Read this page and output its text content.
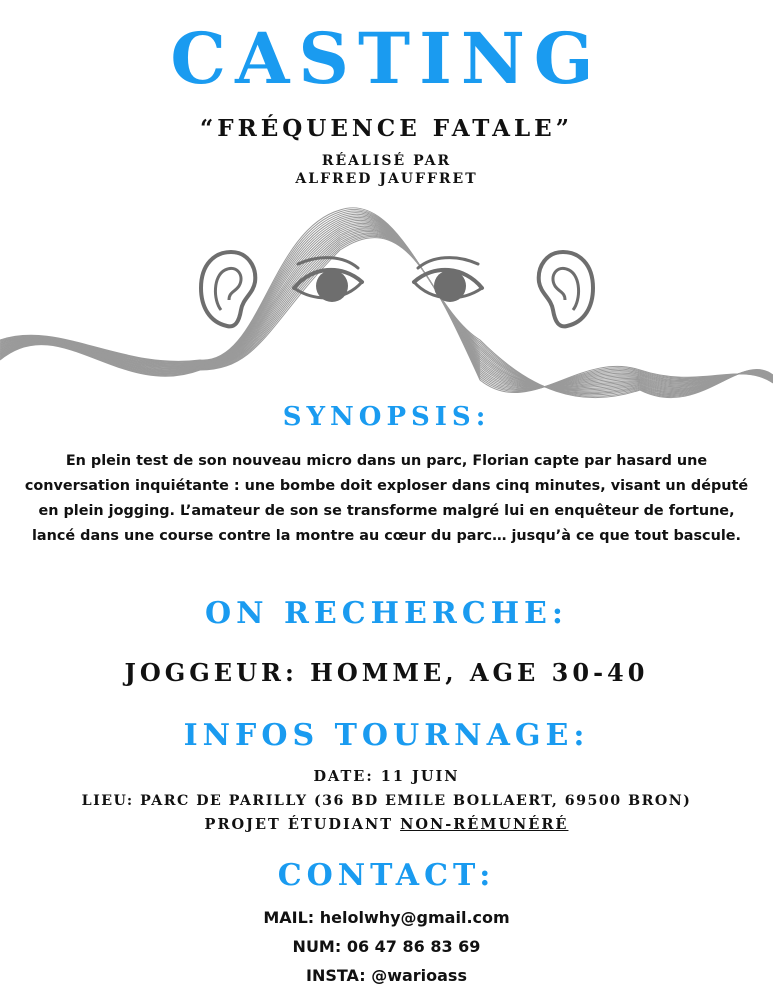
CASTING
“FRÉQUENCE FATALE”
RÉALISÉ PAR
ALFRED JAUFFRET
SYNOPSIS:

En plein test de son nouveau micro dans un parc, Florian capte par hasard une conversation inquiétante : une bombe doit exploser dans cinq minutes, visant un député en plein jogging. L’amateur de son se transforme malgré lui en enquêteur de fortune, lancé dans une course contre la montre au cœur du parc… jusqu’à ce que tout bascule.

ON RECHERCHE:
JOGGEUR: HOMME, AGE 30-40
INFOS TOURNAGE:
DATE: 11 JUIN
LIEU: PARC DE PARILLY (36 BD EMILE BOLLAERT, 69500 BRON)
PROJET ÉTUDIANT NON-RÉMUNÉRÉ
CONTACT:
MAIL: helolwhy@gmail.com
NUM: 06 47 86 83 69
INSTA: @warioass
